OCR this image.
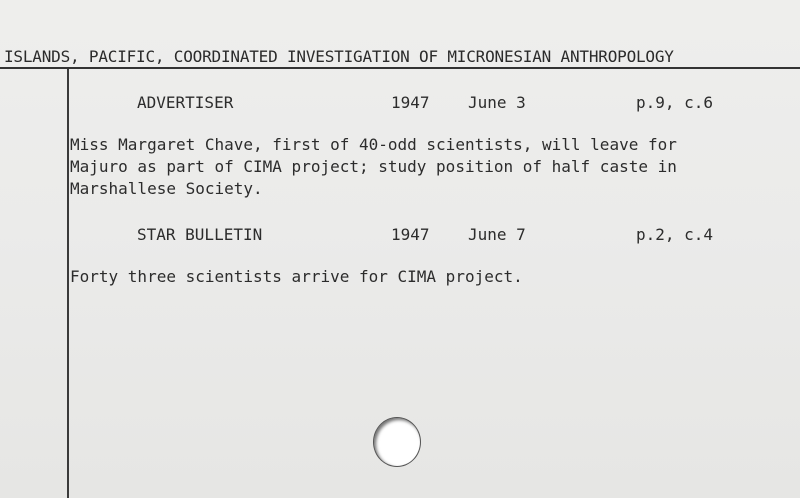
ISLANDS, PACIFIC, COORDINATED INVESTIGATION OF MICRONESIAN ANTHROPOLOGY
ADVERTISER	1947 June 3	p.9, c.6
Miss Margaret Chave, first of 40-odd scientists, will leave for
Majuro as part of CIMA project; study position of half caste in
Marshallese Society.
STAR BULLETIN	1947 June 7	p.2, c.4
Forty three scientists arrive for CIMA project.
